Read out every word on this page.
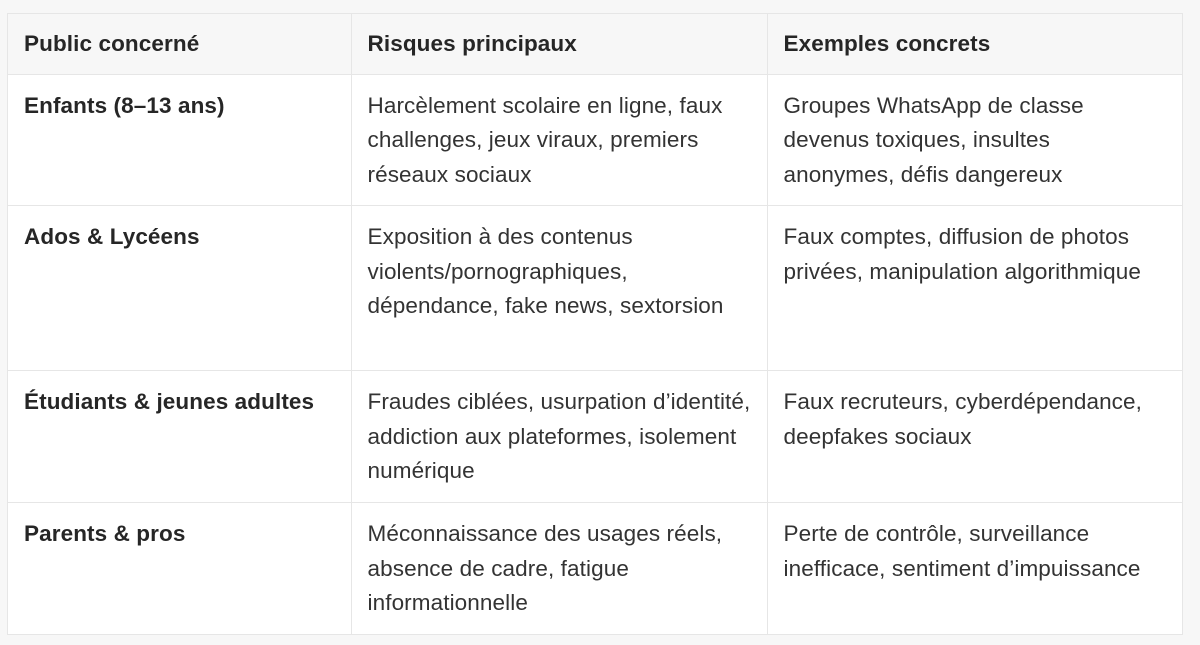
Public concerné	Risques principaux	Exemples concrets
Enfants (8–13 ans)	Harcèlement scolaire en ligne, faux challenges, jeux viraux, premiers réseaux sociaux	Groupes WhatsApp de classe devenus toxiques, insultes anonymes, défis dangereux
Ados & Lycéens	Exposition à des contenus violents/pornographiques, dépendance, fake news, sextorsion	Faux comptes, diffusion de photos privées, manipulation algorithmique
Étudiants & jeunes adultes	Fraudes ciblées, usurpation d’identité, addiction aux plateformes, isolement numérique	Faux recruteurs, cyberdépendance, deepfakes sociaux
Parents & pros	Méconnaissance des usages réels, absence de cadre, fatigue informationnelle	Perte de contrôle, surveillance inefficace, sentiment d’impuissance
